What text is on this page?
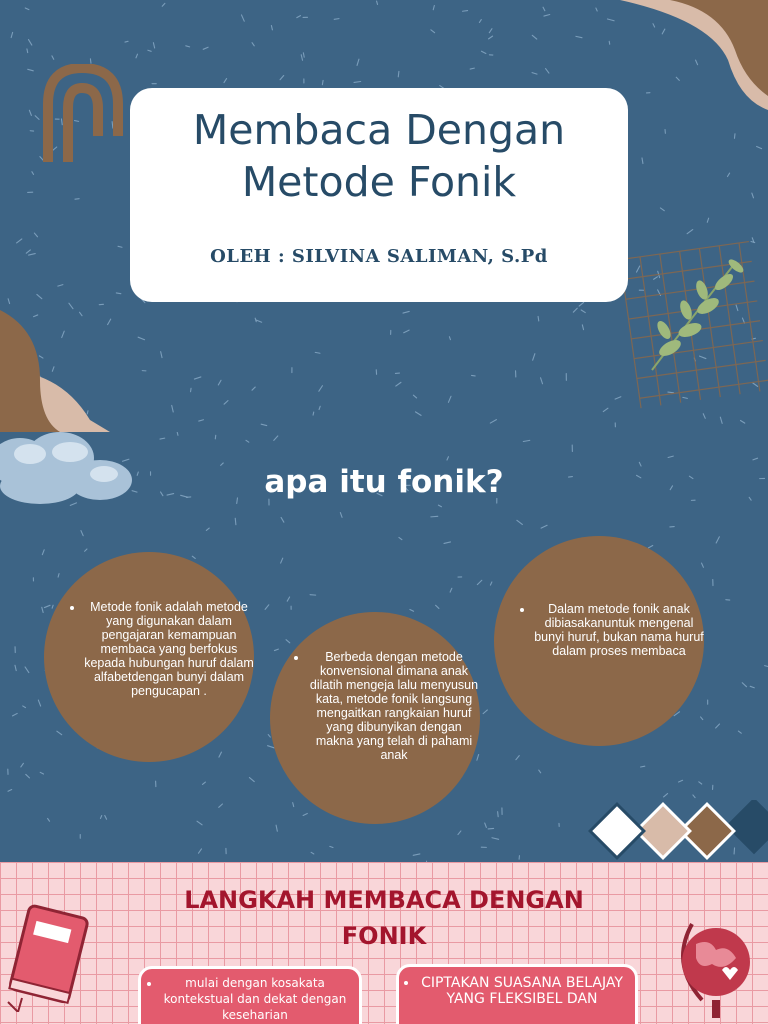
Membaca Dengan Metode Fonik
OLEH : SILVINA SALIMAN, S.Pd
apa itu fonik?
• Metode fonik adalah metode yang digunakan dalam pengajaran kemampuan membaca yang berfokus kepada hubungan huruf dalam alfabetdengan bunyi dalam pengucapan .
• Berbeda dengan metode konvensional dimana anak dilatih mengeja lalu menyusun kata, metode fonik langsung mengaitkan rangkaian huruf yang dibunyikan dengan makna yang telah di pahami anak
• Dalam metode fonik anak dibiasakanuntuk mengenal bunyi huruf, bukan nama huruf dalam proses membaca
LANGKAH MEMBACA DENGAN FONIK
• mulai dengan kosakata kontekstual dan dekat dengan keseharian
• CIPTAKAN SUASANA BELAJAY YANG FLEKSIBEL DAN
